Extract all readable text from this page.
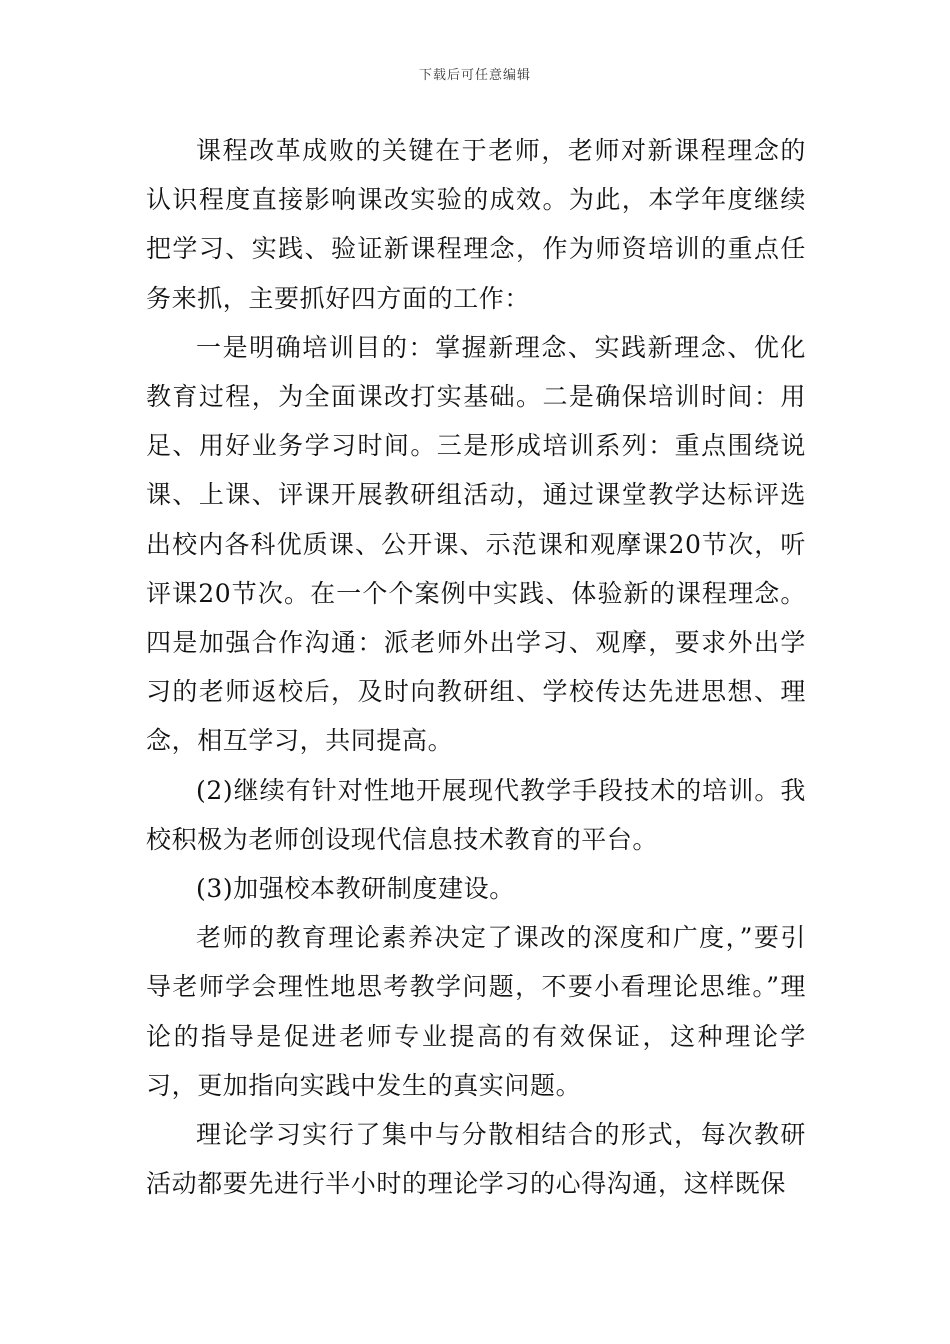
下载后可任意编辑

课程改革成败的关键在于老师，老师对新课程理念的认识程度直接影响课改实验的成效。为此，本学年度继续把学习、实践、验证新课程理念，作为师资培训的重点任务来抓，主要抓好四方面的工作：

一是明确培训目的：掌握新理念、实践新理念、优化教育过程，为全面课改打实基础。二是确保培训时间：用足、用好业务学习时间。三是形成培训系列：重点围绕说课、上课、评课开展教研组活动，通过课堂教学达标评选出校内各科优质课、公开课、示范课和观摩课20节次，听评课20节次。在一个个案例中实践、体验新的课程理念。四是加强合作沟通：派老师外出学习、观摩，要求外出学习的老师返校后，及时向教研组、学校传达先进思想、理念，相互学习，共同提高。

(2)继续有针对性地开展现代教学手段技术的培训。我校积极为老师创设现代信息技术教育的平台。

(3)加强校本教研制度建设。

老师的教育理论素养决定了课改的深度和广度，”要引导老师学会理性地思考教学问题，不要小看理论思维。”理论的指导是促进老师专业提高的有效保证，这种理论学习，更加指向实践中发生的真实问题。

理论学习实行了集中与分散相结合的形式，每次教研活动都要先进行半小时的理论学习的心得沟通，这样既保
